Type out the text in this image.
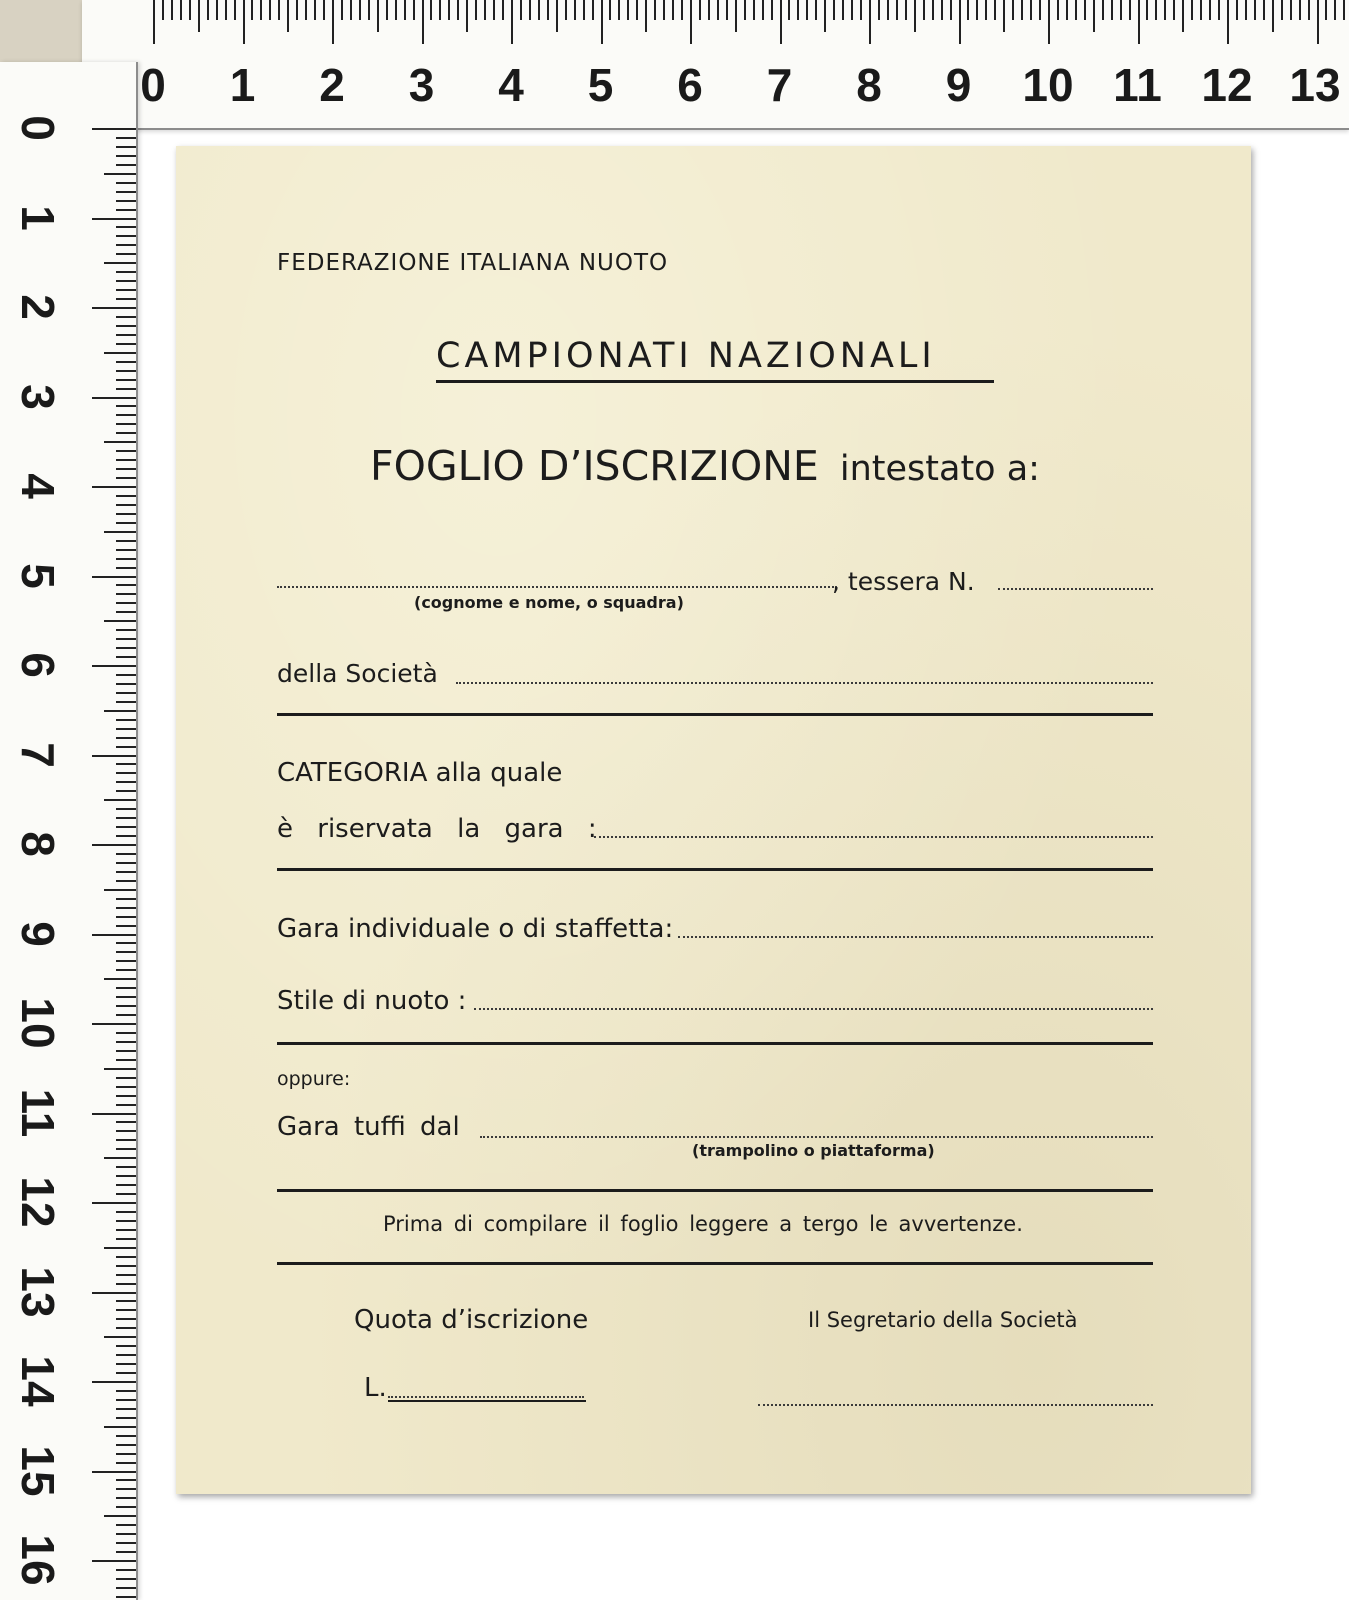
0 1 2 3 4 5 6 7 8 9 10 11 12 13
0
1
2
3
4
5
6
7
8
9
10
11
12
13
14
15
16
FEDERAZIONE ITALIANA NUOTO
CAMPIONATI NAZIONALI
FOGLIO D’ISCRIZIONE intestato a:
, tessera N.
(cognome e nome, o squadra)
della Società
CATEGORIA alla quale
è riservata la gara :
Gara individuale o di staffetta:
Stile di nuoto :
oppure:
Gara tuffi dal
(trampolino o piattaforma)
Prima di compilare il foglio leggere a tergo le avvertenze.
Quota d’iscrizione
L.
Il Segretario della Società
